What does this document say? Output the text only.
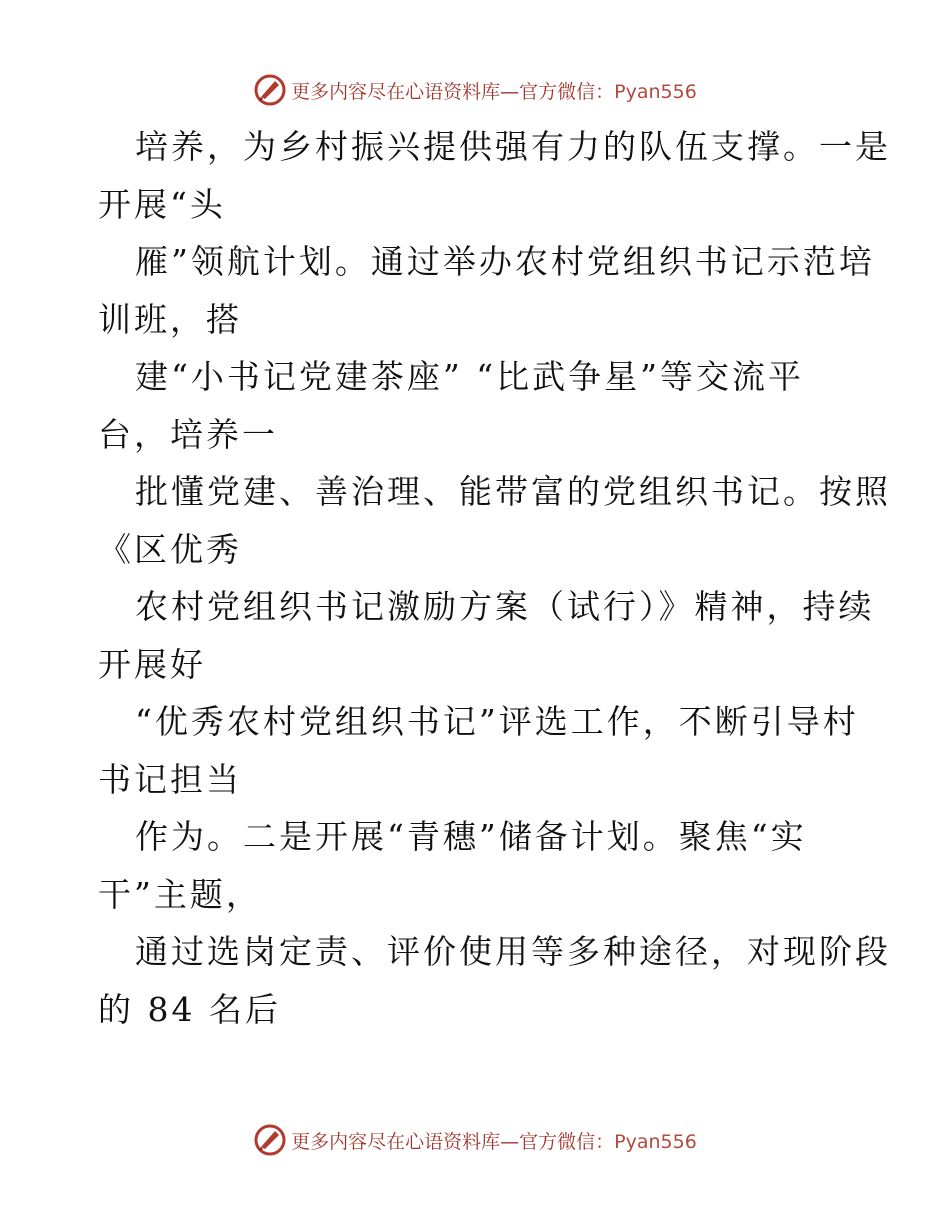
更多内容尽在心语资料库—官方微信：Pyan556
培养，为乡村振兴提供强有力的队伍支撑。一是
开展“头
雁”领航计划。通过举办农村党组织书记示范培
训班，搭
建“小书记党建茶座” “比武争星”等交流平
台，培养一
批懂党建、善治理、能带富的党组织书记。按照
《区优秀
农村党组织书记激励方案（试行）》精神，持续
开展好
“优秀农村党组织书记”评选工作，不断引导村
书记担当
作为。二是开展“青穗”储备计划。聚焦“实
干”主题，
通过选岗定责、评价使用等多种途径，对现阶段
的 84 名后
更多内容尽在心语资料库—官方微信：Pyan556
